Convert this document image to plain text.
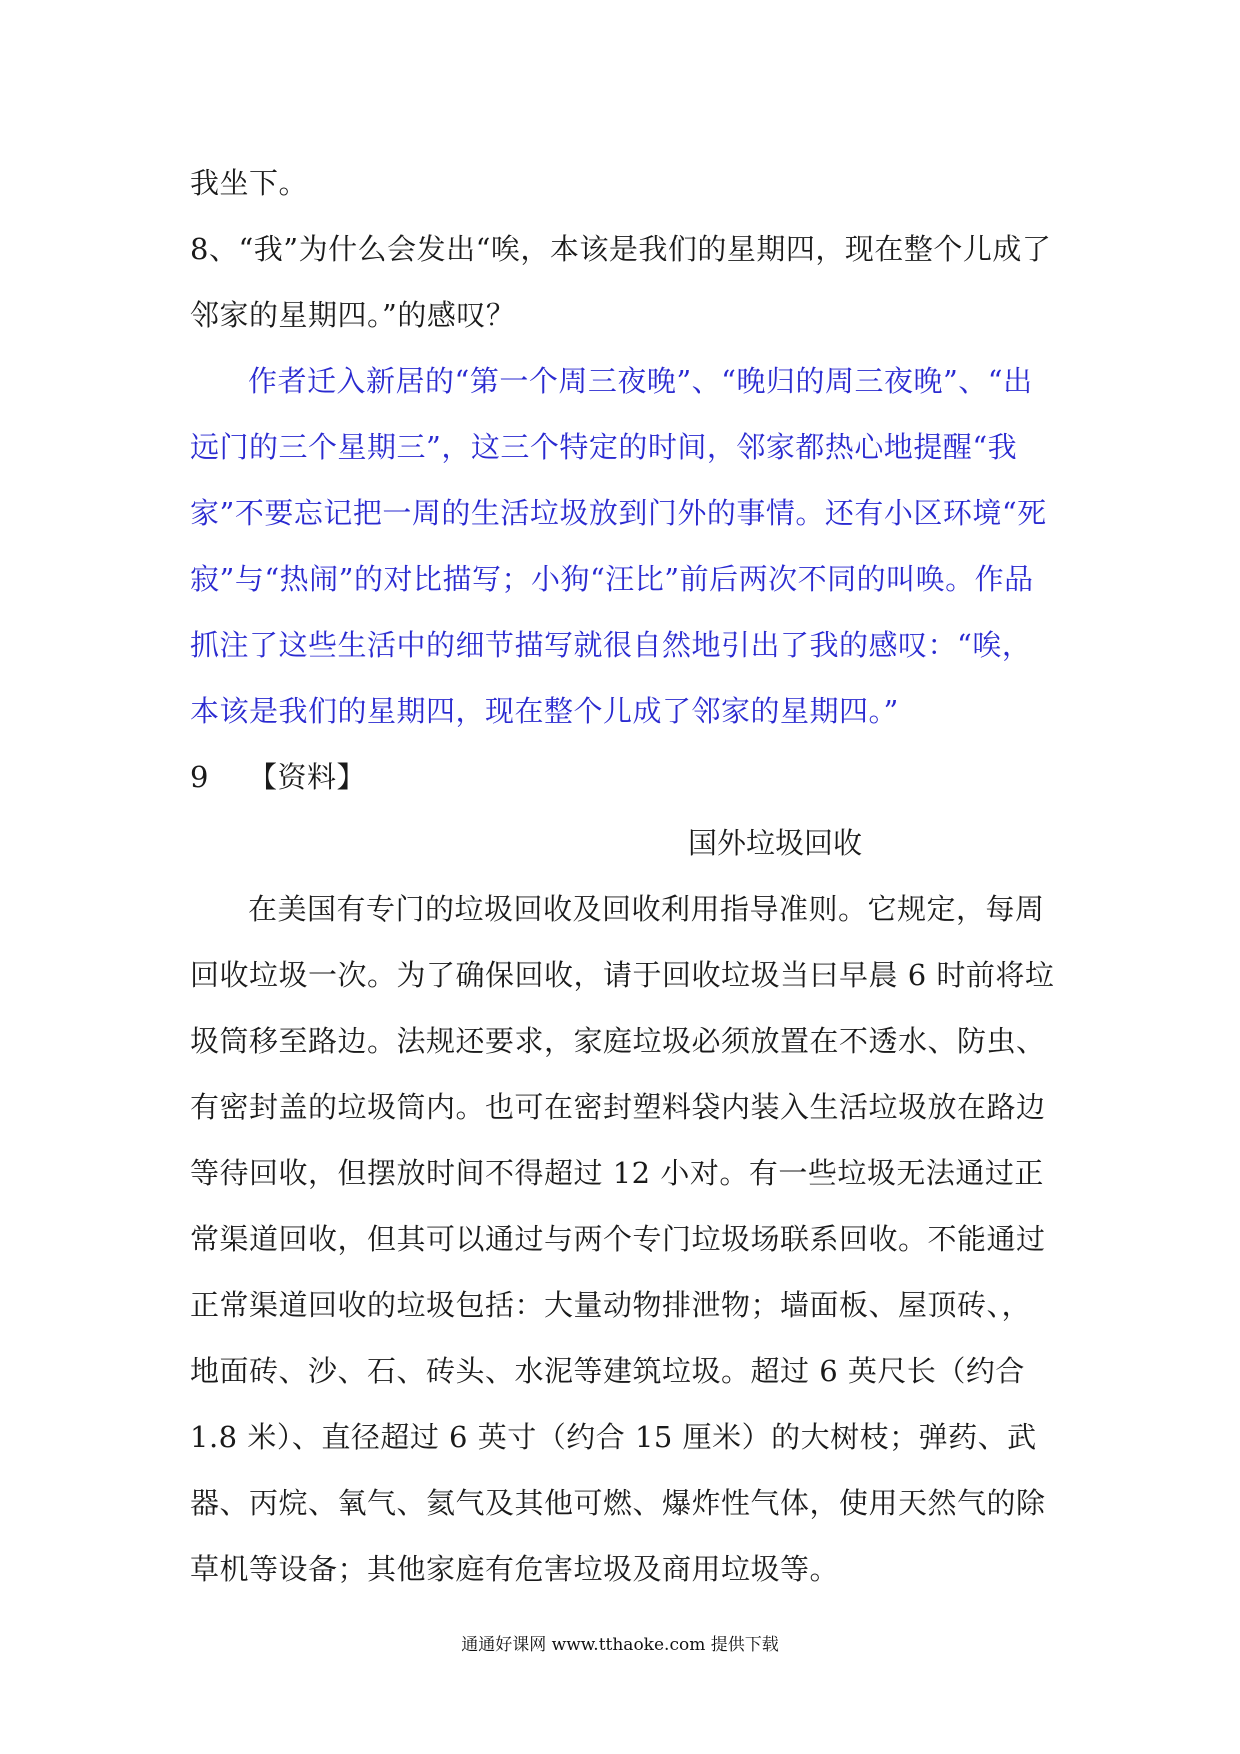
我坐下。
8、“我”为什么会发出“唉，本该是我们的星期四，现在整个儿成了
邻家的星期四。”的感叹？
作者迁入新居的“第一个周三夜晚”、“晚归的周三夜晚”、“出远门的三个星期三”，这三个特定的时间，邻家都热心地提醒“我家”不要忘记把一周的生活垃圾放到门外的事情。还有小区环境“死寂”与“热闹”的对比描写；小狗“汪比”前后两次不同的叫唤。作品抓注了这些生活中的细节描写就很自然地引出了我的感叹：“唉，本该是我们的星期四，现在整个儿成了邻家的星期四。”
9 【资料】
国外垃圾回收
在美国有专门的垃圾回收及回收利用指导准则。它规定，每周回收垃圾一次。为了确保回收，请于回收垃圾当曰早晨 6 时前将垃圾筒移至路边。法规还要求，家庭垃圾必须放置在不透水、防虫、有密封盖的垃圾筒内。也可在密封塑料袋内装入生活垃圾放在路边等待回收，但摆放时间不得超过 12 小对。有一些垃圾无法通过正常渠道回收，但其可以通过与两个专门垃圾场联系回收。不能通过正常渠道回收的垃圾包括：大量动物排泄物；墙面板、屋顶砖、，地面砖、沙、石、砖头、水泥等建筑垃圾。超过 6 英尺长（约合 1.8 米）、直径超过 6 英寸（约合 15 厘米）的大树枝；弹药、武器、丙烷、氧气、氦气及其他可燃、爆炸性气体，使用天然气的除草机等设备；其他家庭有危害垃圾及商用垃圾等。
通通好课网 www.tthaoke.com 提供下载
